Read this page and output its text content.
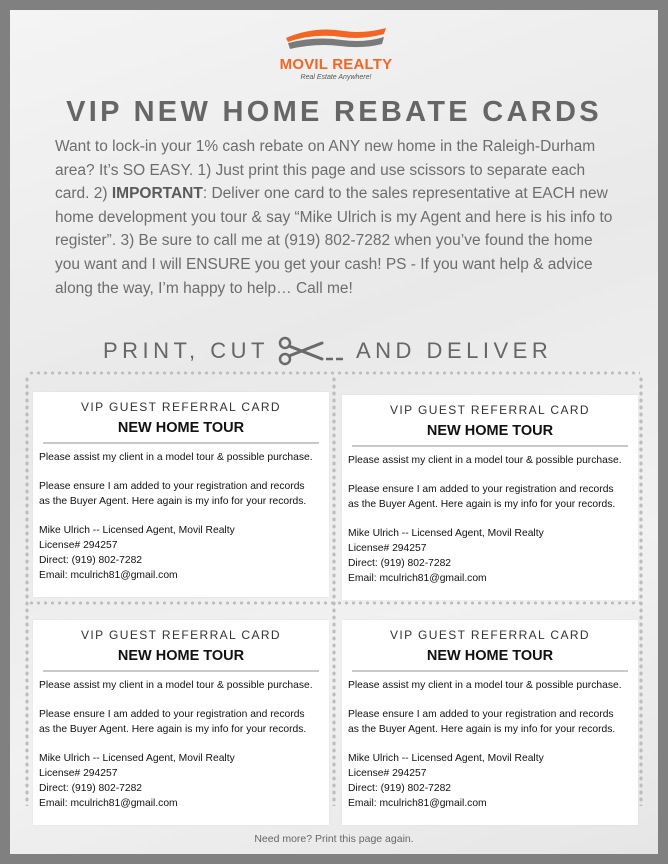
MOVIL REALTY
Real Estate Anywhere!
VIP NEW HOME REBATE CARDS
Want to lock-in your 1% cash rebate on ANY new home in the Raleigh-Durham area? It’s SO EASY. 1) Just print this page and use scissors to separate each card. 2) IMPORTANT: Deliver one card to the sales representative at EACH new home development you tour & say “Mike Ulrich is my Agent and here is his info to register”. 3) Be sure to call me at (919) 802-7282 when you’ve found the home you want and I will ENSURE you get your cash! PS - If you want help & advice along the way, I’m happy to help… Call me!
PRINT, CUT	AND DELIVER
VIP GUEST REFERRAL CARD
NEW HOME TOUR
Please assist my client in a model tour & possible purchase.
Please ensure I am added to your registration and records
as the Buyer Agent. Here again is my info for your records.
Mike Ulrich -- Licensed Agent, Movil Realty
License# 294257
Direct: (919) 802-7282
Email: mculrich81@gmail.com
VIP GUEST REFERRAL CARD
NEW HOME TOUR
Please assist my client in a model tour & possible purchase.
Please ensure I am added to your registration and records
as the Buyer Agent. Here again is my info for your records.
Mike Ulrich -- Licensed Agent, Movil Realty
License# 294257
Direct: (919) 802-7282
Email: mculrich81@gmail.com
VIP GUEST REFERRAL CARD
NEW HOME TOUR
Please assist my client in a model tour & possible purchase.
Please ensure I am added to your registration and records
as the Buyer Agent. Here again is my info for your records.
Mike Ulrich -- Licensed Agent, Movil Realty
License# 294257
Direct: (919) 802-7282
Email: mculrich81@gmail.com
VIP GUEST REFERRAL CARD
NEW HOME TOUR
Please assist my client in a model tour & possible purchase.
Please ensure I am added to your registration and records
as the Buyer Agent. Here again is my info for your records.
Mike Ulrich -- Licensed Agent, Movil Realty
License# 294257
Direct: (919) 802-7282
Email: mculrich81@gmail.com
Need more? Print this page again.
